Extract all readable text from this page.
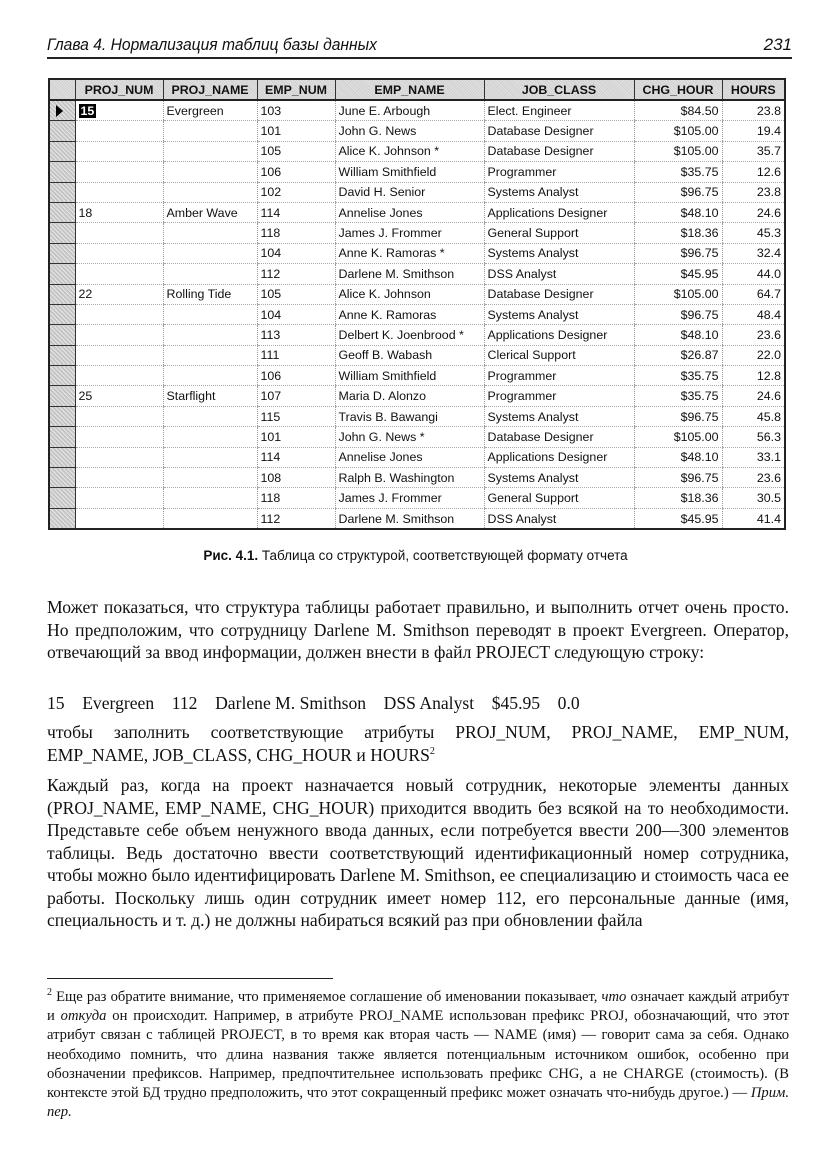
Глава 4. Нормализация таблиц базы данных	231
	PROJ_NUM	PROJ_NAME	EMP_NUM	EMP_NAME	JOB_CLASS	CHG_HOUR	HOURS

	15	Evergreen	103	June E. Arbough	Elect. Engineer	$84.50	23.8
			101	John G. News	Database Designer	$105.00	19.4
			105	Alice K. Johnson *	Database Designer	$105.00	35.7
			106	William Smithfield	Programmer	$35.75	12.6
			102	David H. Senior	Systems Analyst	$96.75	23.8
	18	Amber Wave	114	Annelise Jones	Applications Designer	$48.10	24.6
			118	James J. Frommer	General Support	$18.36	45.3
			104	Anne K. Ramoras *	Systems Analyst	$96.75	32.4
			112	Darlene M. Smithson	DSS Analyst	$45.95	44.0
	22	Rolling Tide	105	Alice K. Johnson	Database Designer	$105.00	64.7
			104	Anne K. Ramoras	Systems Analyst	$96.75	48.4
			113	Delbert K. Joenbrood *	Applications Designer	$48.10	23.6
			111	Geoff B. Wabash	Clerical Support	$26.87	22.0
			106	William Smithfield	Programmer	$35.75	12.8
	25	Starflight	107	Maria D. Alonzo	Programmer	$35.75	24.6
			115	Travis B. Bawangi	Systems Analyst	$96.75	45.8
			101	John G. News *	Database Designer	$105.00	56.3
			114	Annelise Jones	Applications Designer	$48.10	33.1
			108	Ralph B. Washington	Systems Analyst	$96.75	23.6
			118	James J. Frommer	General Support	$18.36	30.5
			112	Darlene M. Smithson	DSS Analyst	$45.95	41.4
Рис. 4.1. Таблица со структурой, соответствующей формату отчета

Может показаться, что структура таблицы работает правильно, и выполнить отчет очень просто. Но предположим, что сотрудницу Darlene M. Smithson переводят в проект Evergreen. Оператор, отвечающий за ввод информации, должен внести в файл PROJECT следующую строку:

15    Evergreen    112    Darlene M. Smithson    DSS Analyst    $45.95    0.0

чтобы заполнить соответствующие атрибуты PROJ_NUM, PROJ_NAME, EMP_NUM, EMP_NAME, JOB_CLASS, CHG_HOUR и HOURS$^2$

Каждый раз, когда на проект назначается новый сотрудник, некоторые элементы данных (PROJ_NAME, EMP_NAME, CHG_HOUR) приходится вводить без всякой на то необходимости. Представьте себе объем ненужного ввода данных, если потребуется ввести 200—300 элементов таблицы. Ведь достаточно ввести соответствующий идентификационный номер сотрудника, чтобы можно было идентифицировать Darlene M. Smithson, ее специализацию и стоимость часа ее работы. Поскольку лишь один сотрудник имеет номер 112, его персональные данные (имя, специальность и т. д.) не должны набираться всякий раз при обновлении файла

$^2$ Еще раз обратите внимание, что применяемое соглашение об именовании показывает, что означает каждый атрибут и откуда он происходит. Например, в атрибуте PROJ_NAME использован префикс PROJ, обозначающий, что этот атрибут связан с таблицей PROJECT, в то время как вторая часть — NAME (имя) — говорит сама за себя. Однако необходимо помнить, что длина названия также является потенциальным источником ошибок, особенно при обозначении префиксов. Например, предпочтительнее использовать префикс CHG, а не CHARGE (стоимость). (В контексте этой БД трудно предположить, что этот сокращенный префикс может означать что-нибудь другое.) — Прим. пер.
